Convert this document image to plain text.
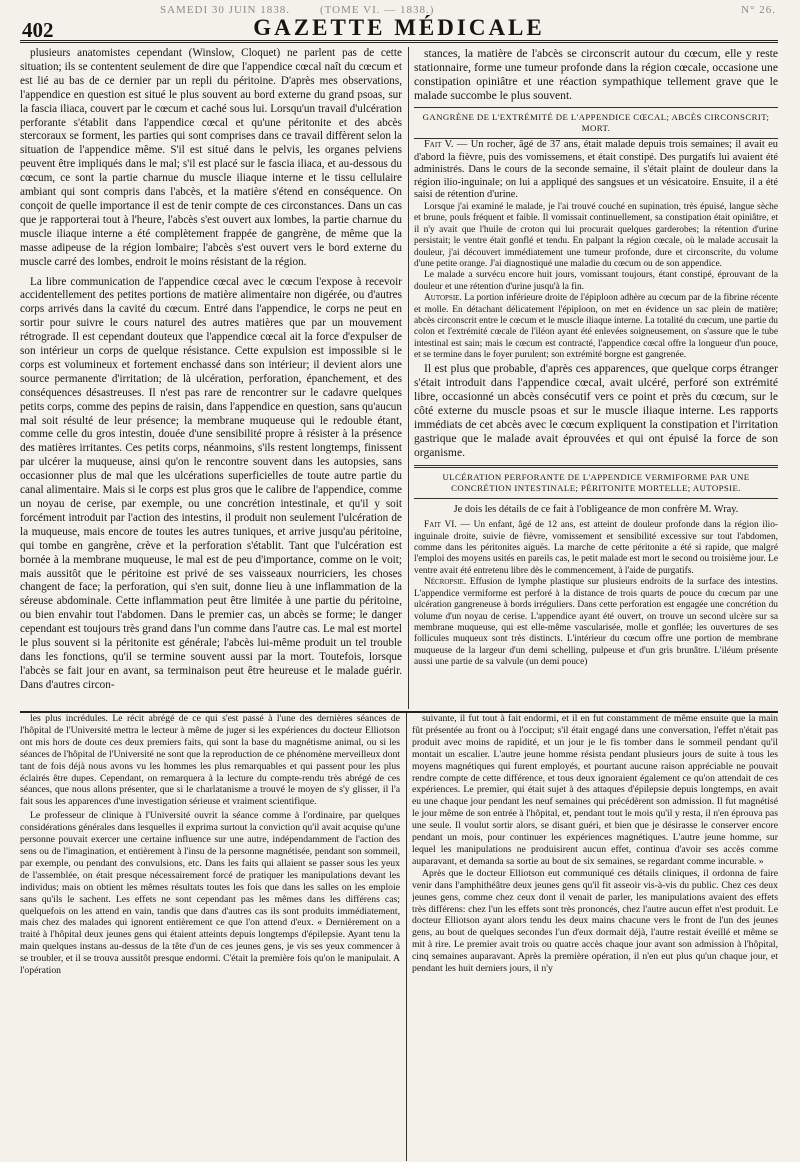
SAMEDI 30 JUIN 1838.	(TOME VI. — 1838.)	N° 26.
402	GAZETTE MÉDICALE

plusieurs anatomistes cependant (Winslow, Cloquet) ne parlent pas de cette situation; ils se contentent seulement de dire que l'appendice cœcal naît du cœcum et est lié au bas de ce dernier par un repli du péritoine. D'après mes observations, l'appendice en question est situé le plus souvent au bord externe du grand psoas, sur la fascia iliaca, couvert par le cœcum et caché sous lui. Lorsqu'un travail d'ulcération perforante s'établit dans l'appendice cœcal et qu'une péritonite et des abcès stercoraux se forment, les parties qui sont comprises dans ce travail diffèrent selon la situation de l'appendice même. S'il est situé dans le pelvis, les organes pelviens peuvent être impliqués dans le mal; s'il est placé sur le fascia iliaca, et au-dessous du cœcum, ce sont la partie charnue du muscle iliaque interne et le tissu cellulaire ambiant qui sont compris dans l'abcès, et la matière s'étend en conséquence. On conçoit de quelle importance il est de tenir compte de ces circonstances. Dans un cas que je rapporterai tout à l'heure, l'abcès s'est ouvert aux lombes, la partie charnue du muscle iliaque interne a été complètement frappée de gangrène, de même que la masse adipeuse de la région lombaire; l'abcès s'est ouvert vers le bord externe du muscle carré des lombes, endroit le moins résistant de la région.

La libre communication de l'appendice cœcal avec le cœcum l'expose à recevoir accidentellement des petites portions de matière alimentaire non digérée, ou d'autres corps arrivés dans la cavité du cœcum. Entré dans l'appendice, le corps ne peut en sortir pour suivre le cours naturel des autres matières que par un mouvement rétrograde. Il est cependant douteux que l'appendice cœcal ait la force d'expulser de son intérieur un corps de quelque résistance. Cette expulsion est impossible si le corps est volumineux et fortement enchassé dans son intérieur; il devient alors une source permanente d'irritation; de là ulcération, perforation, épanchement, et des conséquences désastreuses. Il n'est pas rare de rencontrer sur le cadavre quelques petits corps, comme des pepins de raisin, dans l'appendice en question, sans qu'aucun mal soit résulté de leur présence; la membrane muqueuse qui le redouble étant, comme celle du gros intestin, douée d'une sensibilité propre à résister à la présence des matières irritantes. Ces petits corps, néanmoins, s'ils restent longtemps, finissent par ulcérer la muqueuse, ainsi qu'on le rencontre souvent dans les autopsies, sans occasionner plus de mal que les ulcérations superficielles de toute autre partie du canal alimentaire. Mais si le corps est plus gros que le calibre de l'appendice, comme un noyau de cerise, par exemple, ou une concrétion intestinale, et qu'il y soit forcément introduit par l'action des intestins, il produit non seulement l'ulcération de la muqueuse, mais encore de toutes les autres tuniques, et arrive jusqu'au péritoine, qui tombe en gangrène, crève et la perforation s'établit. Tant que l'ulcération est bornée à la membrane muqueuse, le mal est de peu d'importance, comme on le voit; mais aussitôt que le péritoine est privé de ses vaisseaux nourriciers, les choses changent de face; la perforation, qui s'en suit, donne lieu à une inflammation de la séreuse abdominale. Cette inflammation peut être limitée à une partie du péritoine, ou bien envahir tout l'abdomen. Dans le premier cas, un abcès se forme; le danger cependant est toujours très grand dans l'un comme dans l'autre cas. Le mal est mortel le plus souvent si la péritonite est générale; l'abcès lui-même produit un tel trouble dans les fonctions, qu'il se termine souvent aussi par la mort. Toutefois, lorsque l'abcès se fait jour en avant, sa terminaison peut être heureuse et le malade guérir. Dans d'autres circon-

stances, la matière de l'abcès se circonscrit autour du cœcum, elle y reste stationnaire, forme une tumeur profonde dans la région cœcale, occasione une constipation opiniâtre et une réaction sympathique tellement grave que le malade succombe le plus souvent.

GANGRÈNE DE L'EXTRÉMITÉ DE L'APPENDICE CŒCAL; ABCÈS CIRCONSCRIT; MORT.

Fait V. — Un rocher, âgé de 37 ans, était malade depuis trois semaines; il avait eu d'abord la fièvre, puis des vomissemens, et était constipé. Des purgatifs lui avaient été administrés. Dans le cours de la seconde semaine, il s'était plaint de douleur dans la région ilio-inguinale; on lui a appliqué des sangsues et un vésicatoire. Ensuite, il a été saisi de rétention d'urine.

Lorsque j'ai examiné le malade, je l'ai trouvé couché en supination, très épuisé, langue sèche et brune, pouls fréquent et faible. Il vomissait continuellement, sa constipation était opiniâtre, et il n'y avait que l'huile de croton qui lui procurait quelques garderobes; la rétention d'urine persistait; le ventre était gonflé et tendu. En palpant la région cœcale, où le malade accusait la douleur, j'ai découvert immédiatement une tumeur profonde, dure et circonscrite, du volume d'une petite orange. J'ai diagnostiqué une maladie du cœcum ou de son appendice.

Le malade a survécu encore huit jours, vomissant toujours, étant constipé, éprouvant de la douleur et une rétention d'urine jusqu'à la fin.

Autopsie. La portion inférieure droite de l'épiploon adhère au cœcum par de la fibrine récente et molle. En détachant délicatement l'épiploon, on met en évidence un sac plein de matière; abcès circonscrit entre le cœcum et le muscle iliaque interne. La totalité du cœcum, une partie du colon et l'extrémité cœcale de l'iléon ayant été enlevées soigneusement, on s'assure que le tube intestinal est sain; mais le cœcum est contracté, l'appendice cœcal offre la longueur d'un pouce, et se termine dans le foyer purulent; son extrémité borgne est gangrenée.

Il est plus que probable, d'après ces apparences, que quelque corps étranger s'était introduit dans l'appendice cœcal, avait ulcéré, perforé son extrémité libre, occasionné un abcès consécutif vers ce point et près du cœcum, sur le côté externe du muscle psoas et sur le muscle iliaque interne. Les rapports immédiats de cet abcès avec le cœcum expliquent la constipation et l'irritation gastrique que le malade avait éprouvées et qui ont épuisé la force de son organisme.

ULCÉRATION PERFORANTE DE L'APPENDICE VERMIFORME PAR UNE CONCRÉTION INTESTINALE; PÉRITONITE MORTELLE; AUTOPSIE.

Je dois les détails de ce fait à l'obligeance de mon confrère M. Wray.

Fait VI. — Un enfant, âgé de 12 ans, est atteint de douleur profonde dans la région ilio-inguinale droite, suivie de fièvre, vomissement et sensibilité excessive sur tout l'abdomen, comme dans les péritonites aiguës. La marche de cette péritonite a été si rapide, que malgré l'emploi des moyens usités en pareils cas, le petit malade est mort le second ou troisième jour. Le ventre avait été entretenu libre dès le commencement, à l'aide de purgatifs.

Nécropsie. Effusion de lymphe plastique sur plusieurs endroits de la surface des intestins. L'appendice vermiforme est perforé à la distance de trois quarts de pouce du cœcum par une ulcération gangreneuse à bords irréguliers. Dans cette perforation est engagée une concrétion du volume d'un noyau de cerise. L'appendice ayant été ouvert, on trouve un second ulcère sur sa membrane muqueuse, qui est elle-même vascularisée, molle et gonflée; les ouvertures de ses follicules muqueux sont très distincts. L'intérieur du cœcum offre une portion de membrane muqueuse de la largeur d'un demi schelling, pulpeuse et d'un gris brunâtre. L'iléum présente aussi une partie de sa valvule (un demi pouce)

les plus incrédules. Le récit abrégé de ce qui s'est passé à l'une des dernières séances de l'hôpital de l'Université mettra le lecteur à même de juger si les expériences du docteur Elliotson ont mis hors de doute ces deux premiers faits, qui sont la base du magnétisme animal, ou si les séances de l'hôpital de l'Université ne sont que la reproduction de ce phénomène merveilleux dont tant de fois déjà nous avons vu les hommes les plus remarquables et qui passent pour les plus éclairés être dupes. Cependant, on remarquera à la lecture du compte-rendu très abrégé de ces séances, que nous allons présenter, que si le charlatanisme a trouvé le moyen de s'y glisser, il l'a fait sous les apparences d'une investigation sérieuse et vraiment scientifique.

Le professeur de clinique à l'Université ouvrit la séance comme à l'ordinaire, par quelques considérations générales dans lesquelles il exprima surtout la conviction qu'il avait acquise qu'une personne pouvait exercer une certaine influence sur une autre, indépendamment de l'action des sens ou de l'imagination, et entièrement à l'insu de la personne magnétisée, pendant son sommeil, par exemple, ou pendant des convulsions, etc. Dans les faits qui allaient se passer sous les yeux de l'assemblée, on était presque nécessairement forcé de pratiquer les manipulations devant les individus; mais on obtient les mêmes résultats toutes les fois que dans les salles on les emploie sans qu'ils le sachent. Les effets ne sont cependant pas les mêmes dans les différens cas; quelquefois on les attend en vain, tandis que dans d'autres cas ils sont produits immédiatement, mais chez des malades qui ignorent entièrement ce que l'on attend d'eux. « Dernièrement on a traité à l'hôpital deux jeunes gens qui étaient atteints depuis longtemps d'épilepsie. Ayant tenu la main quelques instans au-dessus de la tête d'un de ces jeunes gens, je vis ses yeux commencer à se troubler, et il se trouva aussitôt presque endormi. C'était la première fois qu'on le manipulait. A l'opération

suivante, il fut tout à fait endormi, et il en fut constamment de même ensuite que la main fût présentée au front ou à l'occiput; s'il était engagé dans une conversation, l'effet n'était pas produit avec moins de rapidité, et un jour je le fis tomber dans le sommeil pendant qu'il montait un escalier. L'autre jeune homme résista pendant plusieurs jours de suite à tous les moyens magnétiques qui furent employés, et pourtant aucune raison appréciable ne pouvait rendre compte de cette différence, et tous deux ignoraient également ce qu'on attendait de ces expériences. Le premier, qui était sujet à des attaques d'épilepsie depuis longtemps, en avait eu une chaque jour pendant les neuf semaines qui précédèrent son admission. Il fut magnétisé le jour même de son entrée à l'hôpital, et, pendant tout le mois qu'il y resta, il n'en éprouva pas une seule. Il voulut sortir alors, se disant guéri, et bien que je désirasse le conserver encore pendant un mois, pour continuer les expériences magnétiques. L'autre jeune homme, sur lequel les manipulations ne produisirent aucun effet, continua d'avoir ses accès comme auparavant, et demanda sa sortie au bout de six semaines, se regardant comme incurable. »

Après que le docteur Elliotson eut communiqué ces détails cliniques, il ordonna de faire venir dans l'amphithéâtre deux jeunes gens qu'il fit asseoir vis-à-vis du public. Chez ces deux jeunes gens, comme chez ceux dont il venait de parler, les manipulations avaient des effets très différens: chez l'un les effets sont très prononcés, chez l'autre aucun effet n'est produit. Le docteur Elliotson ayant alors tendu les deux mains chacune vers le front de l'un des jeunes gens, au bout de quelques secondes l'un d'eux dormait déjà, l'autre restait éveillé et même se mit à rire. Le premier avait trois ou quatre accès chaque jour avant son admission à l'hôpital, cinq semaines auparavant. Après la première opération, il n'en eut plus qu'un chaque jour, et pendant les huit derniers jours, il n'y
